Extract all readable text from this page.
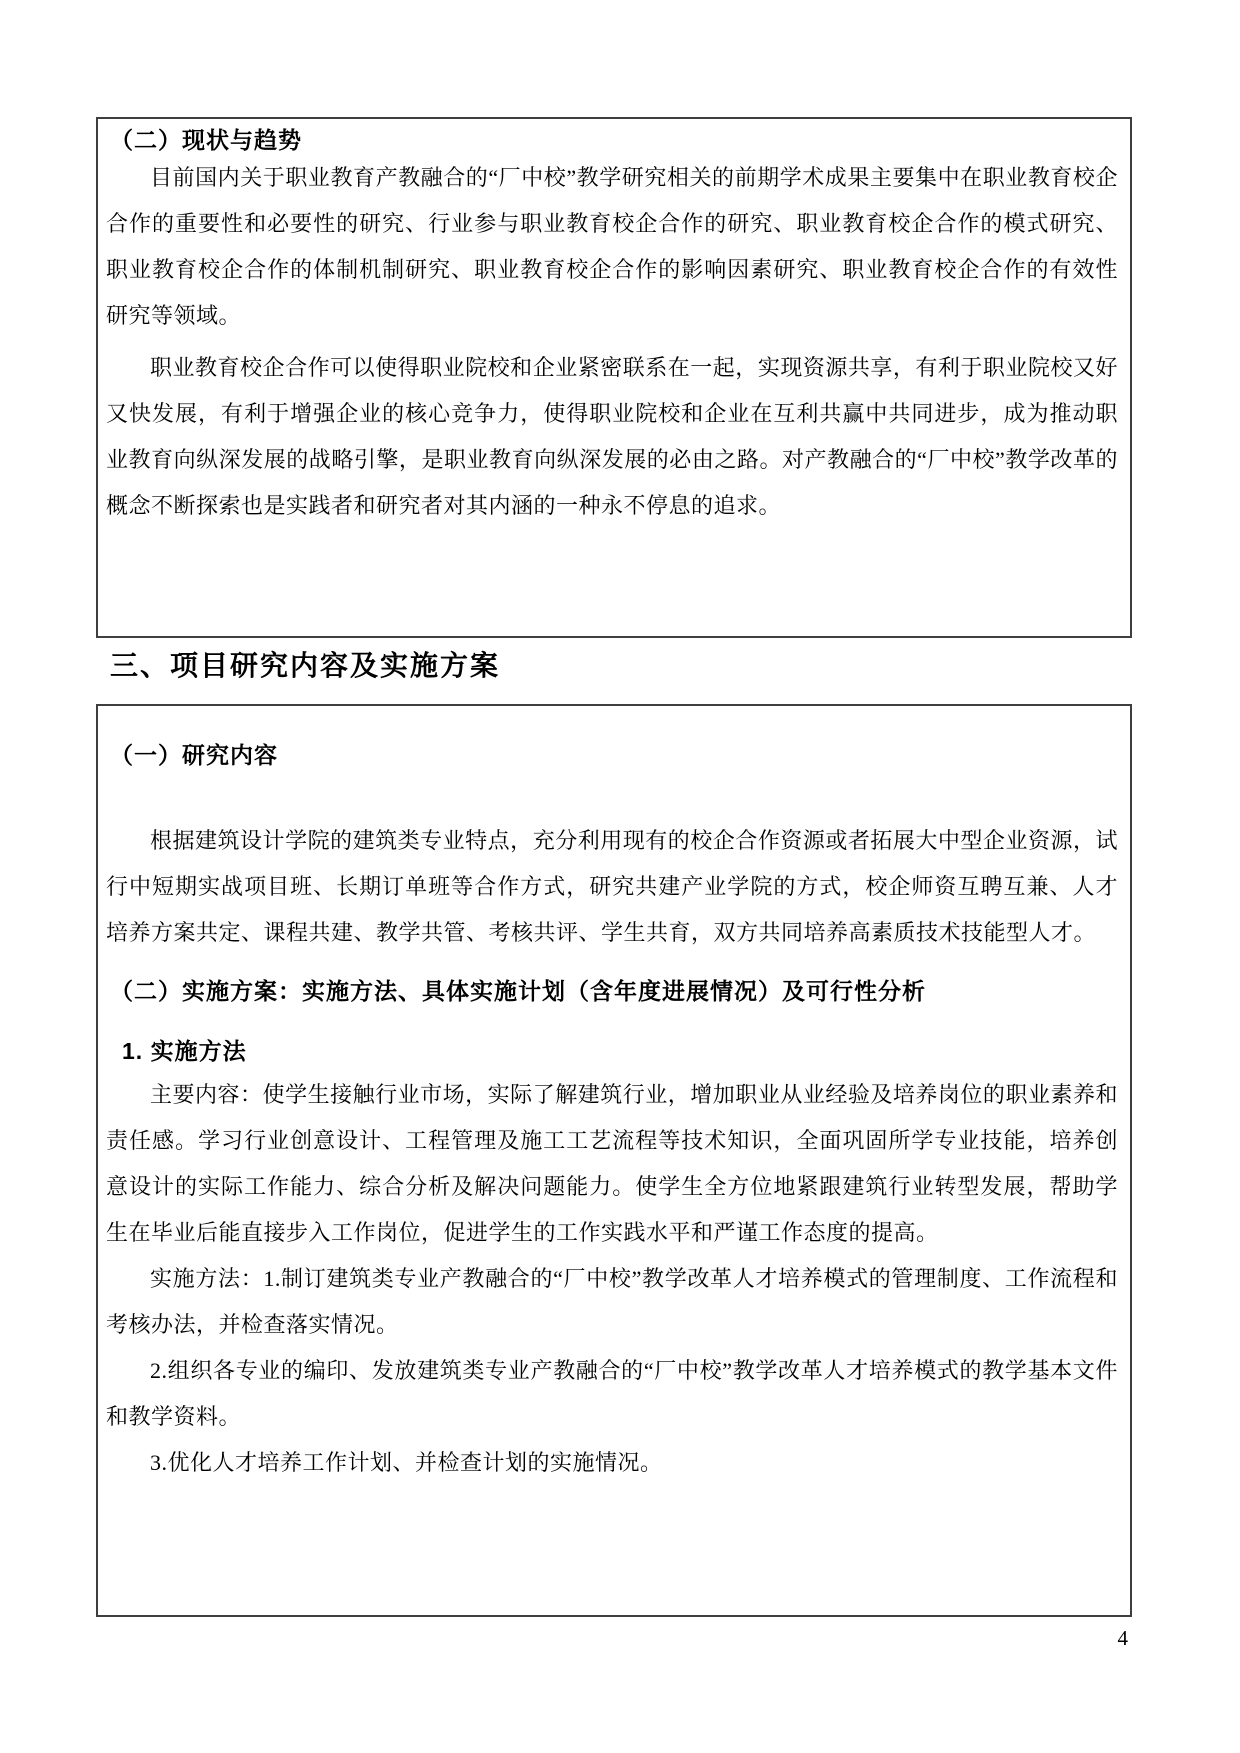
（二）现状与趋势

目前国内关于职业教育产教融合的“厂中校”教学研究相关的前期学术成果主要集中在职业教育校企合作的重要性和必要性的研究、行业参与职业教育校企合作的研究、职业教育校企合作的模式研究、职业教育校企合作的体制机制研究、职业教育校企合作的影响因素研究、职业教育校企合作的有效性研究等领域。

职业教育校企合作可以使得职业院校和企业紧密联系在一起，实现资源共享，有利于职业院校又好又快发展，有利于增强企业的核心竞争力，使得职业院校和企业在互利共赢中共同进步，成为推动职业教育向纵深发展的战略引擎，是职业教育向纵深发展的必由之路。对产教融合的“厂中校”教学改革的概念不断探索也是实践者和研究者对其内涵的一种永不停息的追求。

三、项目研究内容及实施方案
（一）研究内容

根据建筑设计学院的建筑类专业特点，充分利用现有的校企合作资源或者拓展大中型企业资源，试行中短期实战项目班、长期订单班等合作方式，研究共建产业学院的方式，校企师资互聘互兼、人才培养方案共定、课程共建、教学共管、考核共评、学生共育，双方共同培养高素质技术技能型人才。

（二）实施方案：实施方法、具体实施计划（含年度进展情况）及可行性分析
1. 实施方法

主要内容：使学生接触行业市场，实际了解建筑行业，增加职业从业经验及培养岗位的职业素养和责任感。学习行业创意设计、工程管理及施工工艺流程等技术知识，全面巩固所学专业技能，培养创意设计的实际工作能力、综合分析及解决问题能力。使学生全方位地紧跟建筑行业转型发展，帮助学生在毕业后能直接步入工作岗位，促进学生的工作实践水平和严谨工作态度的提高。

实施方法：1.制订建筑类专业产教融合的“厂中校”教学改革人才培养模式的管理制度、工作流程和考核办法，并检查落实情况。

2.组织各专业的编印、发放建筑类专业产教融合的“厂中校”教学改革人才培养模式的教学基本文件和教学资料。

3.优化人才培养工作计划、并检查计划的实施情况。

4
